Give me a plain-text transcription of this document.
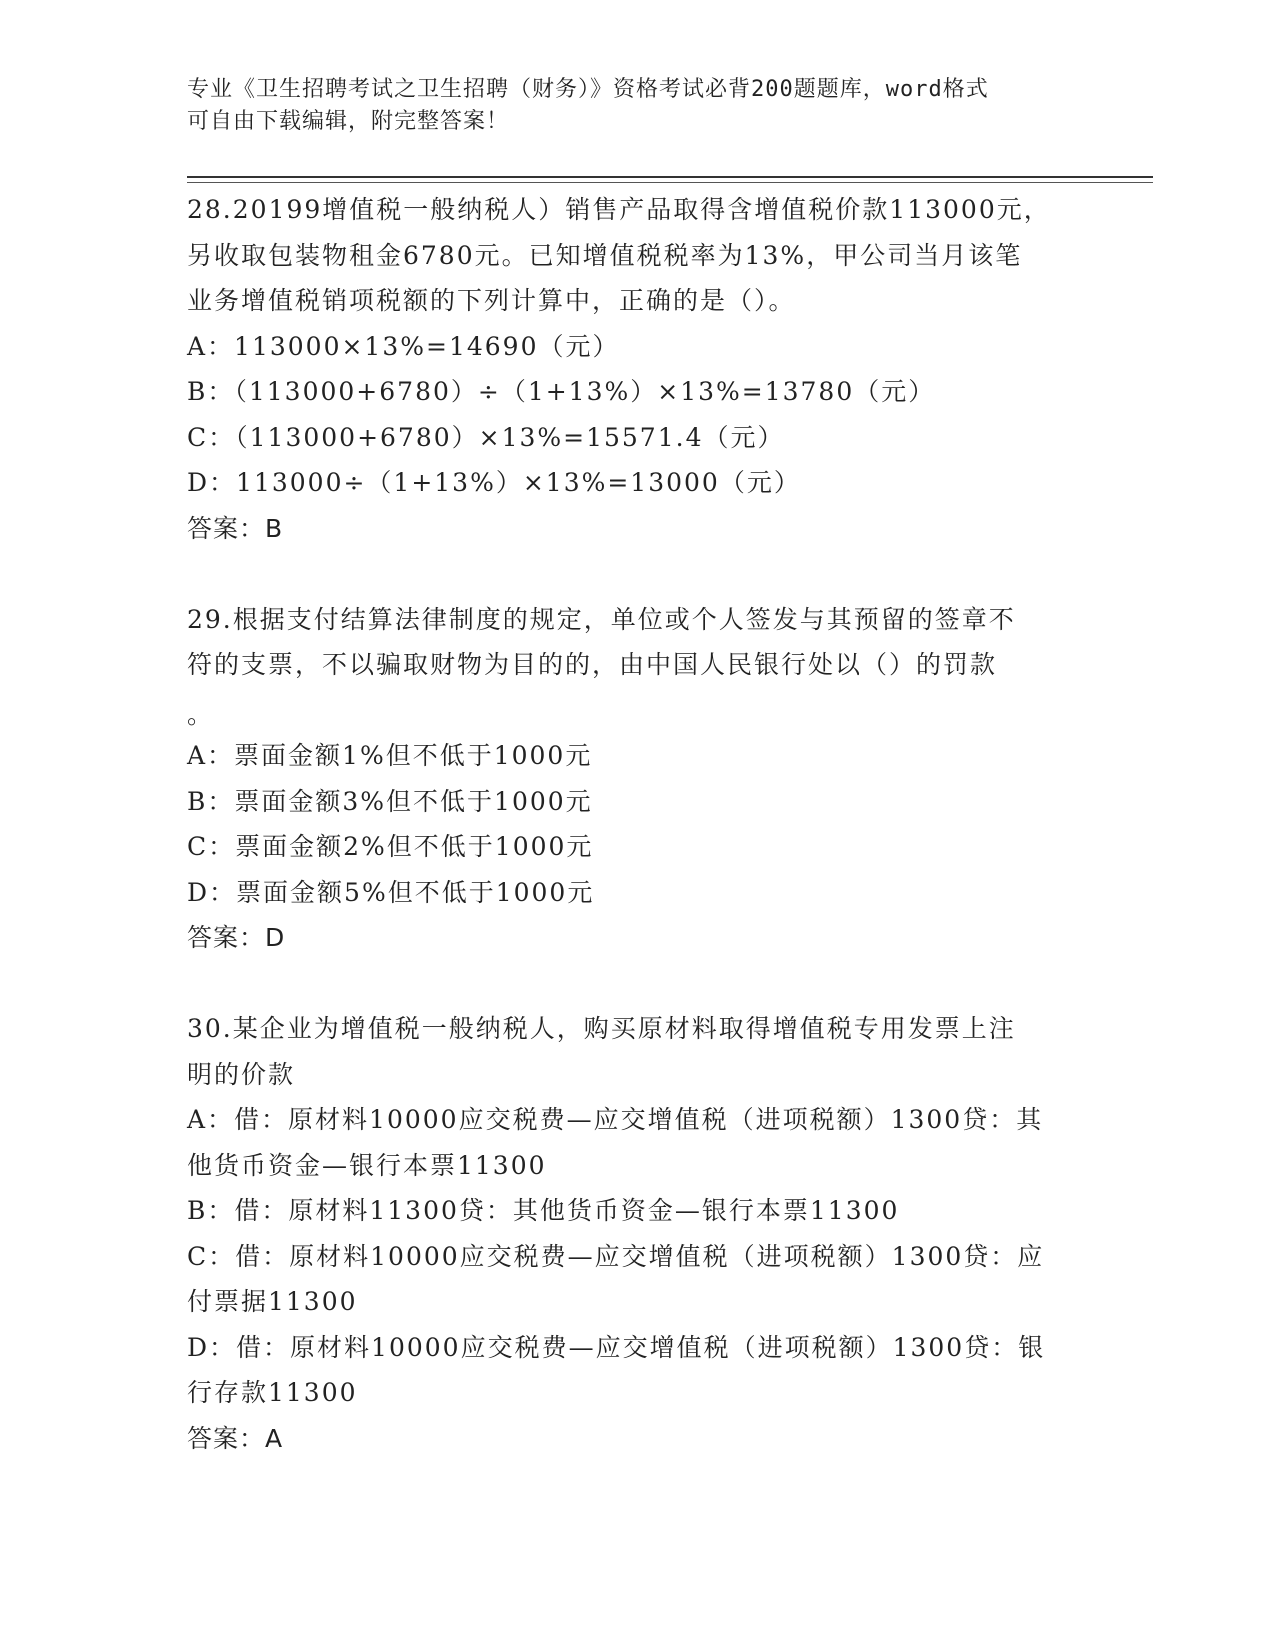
专业《卫生招聘考试之卫生招聘（财务）》资格考试必背200题题库，word格式
可自由下载编辑，附完整答案！
28.20199增值税一般纳税人）销售产品取得含增值税价款113000元，
另收取包装物租金6780元。已知增值税税率为13%，甲公司当月该笔
业务增值税销项税额的下列计算中，正确的是（）。
A：113000×13%=14690（元）
B：（113000+6780）÷（1+13%）×13%=13780（元）
C：（113000+6780）×13%=15571.4（元）
D：113000÷（1+13%）×13%=13000（元）
答案：B
29.根据支付结算法律制度的规定，单位或个人签发与其预留的签章不
符的支票，不以骗取财物为目的的，由中国人民银行处以（）的罚款
。
A：票面金额1%但不低于1000元
B：票面金额3%但不低于1000元
C：票面金额2%但不低于1000元
D：票面金额5%但不低于1000元
答案：D
30.某企业为增值税一般纳税人，购买原材料取得增值税专用发票上注
明的价款
A：借：原材料10000应交税费—应交增值税（进项税额）1300贷：其
他货币资金—银行本票11300
B：借：原材料11300贷：其他货币资金—银行本票11300
C：借：原材料10000应交税费—应交增值税（进项税额）1300贷：应
付票据11300
D：借：原材料10000应交税费—应交增值税（进项税额）1300贷：银
行存款11300
答案：A
